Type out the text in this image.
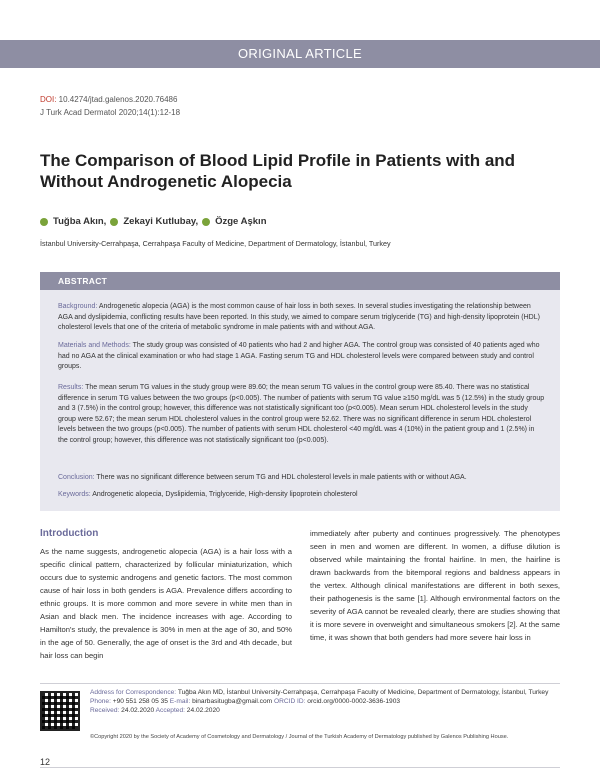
ORIGINAL ARTICLE
DOI: 10.4274/jtad.galenos.2020.76486
J Turk Acad Dermatol 2020;14(1):12-18
The Comparison of Blood Lipid Profile in Patients with and Without Androgenetic Alopecia
Tuğba Akın, Zekayi Kutlubay, Özge Aşkın
İstanbul University-Cerrahpaşa, Cerrahpaşa Faculty of Medicine, Department of Dermatology, İstanbul, Turkey
ABSTRACT
Background: Androgenetic alopecia (AGA) is the most common cause of hair loss in both sexes. In several studies investigating the relationship between AGA and dyslipidemia, conflicting results have been reported. In this study, we aimed to compare serum triglyceride (TG) and high-density lipoprotein (HDL) cholesterol levels that one of the criteria of metabolic syndrome in male patients with and without AGA.
Materials and Methods: The study group was consisted of 40 patients who had 2 and higher AGA. The control group was consisted of 40 patients aged who had no AGA at the clinical examination or who had stage 1 AGA. Fasting serum TG and HDL cholesterol levels were compared between study and control groups.
Results: The mean serum TG values in the study group were 89.60; the mean serum TG values in the control group were 85.40. There was no statistical difference in serum TG values between the two groups (p<0.005). The number of patients with serum TG value ≥150 mg/dL was 5 (12.5%) in the study group and 3 (7.5%) in the control group; however, this difference was not statistically significant too (p<0.005). Mean serum HDL cholesterol levels in the study group were 52.67; the mean serum HDL cholesterol values in the control group were 52.62. There was no significant difference in serum HDL cholesterol levels between the two groups (p<0.005). The number of patients with serum HDL cholesterol <40 mg/dL was 4 (10%) in the patient group and 1 (2.5%) in the control group; however, this difference was not statistically significant too (p<0.005).
Conclusion: There was no significant difference between serum TG and HDL cholesterol levels in male patients with or without AGA.
Keywords: Androgenetic alopecia, Dyslipidemia, Triglyceride, High-density lipoprotein cholesterol
Introduction
As the name suggests, androgenetic alopecia (AGA) is a hair loss with a specific clinical pattern, characterized by follicular miniaturization, which occurs due to systemic androgens and genetic factors. The most common cause of hair loss in both genders is AGA. Prevalence differs according to ethnic groups. It is more common and more severe in white men than in Asian and black men. The incidence increases with age. According to Hamilton's study, the prevalence is 30% in men at the age of 30, and 50% in the age of 50. Generally, the age of onset is the 3rd and 4th decade, but hair loss can begin
immediately after puberty and continues progressively. The phenotypes seen in men and women are different. In women, a diffuse dilution is observed while maintaining the frontal hairline. In men, the hairline is drawn backwards from the bitemporal regions and baldness appears in the vertex. Although clinical manifestations are different in both sexes, their pathogenesis is the same [1]. Although environmental factors on the severity of AGA cannot be revealed clearly, there are studies showing that it is more severe in overweight and simultaneous smokers [2]. At the same time, it was shown that both genders had more severe hair loss in
Address for Correspondence: Tuğba Akın MD, İstanbul University-Cerrahpaşa, Cerrahpaşa Faculty of Medicine, Department of Dermatology, İstanbul, Turkey
Phone: +90 551 258 05 35 E-mail: binarbasitugba@gmail.com ORCID ID: orcid.org/0000-0002-3636-1903
Received: 24.02.2020 Accepted: 24.02.2020
©Copyright 2020 by the Society of Academy of Cosmetology and Dermatology / Journal of the Turkish Academy of Dermatology published by Galenos Publishing House.
12
